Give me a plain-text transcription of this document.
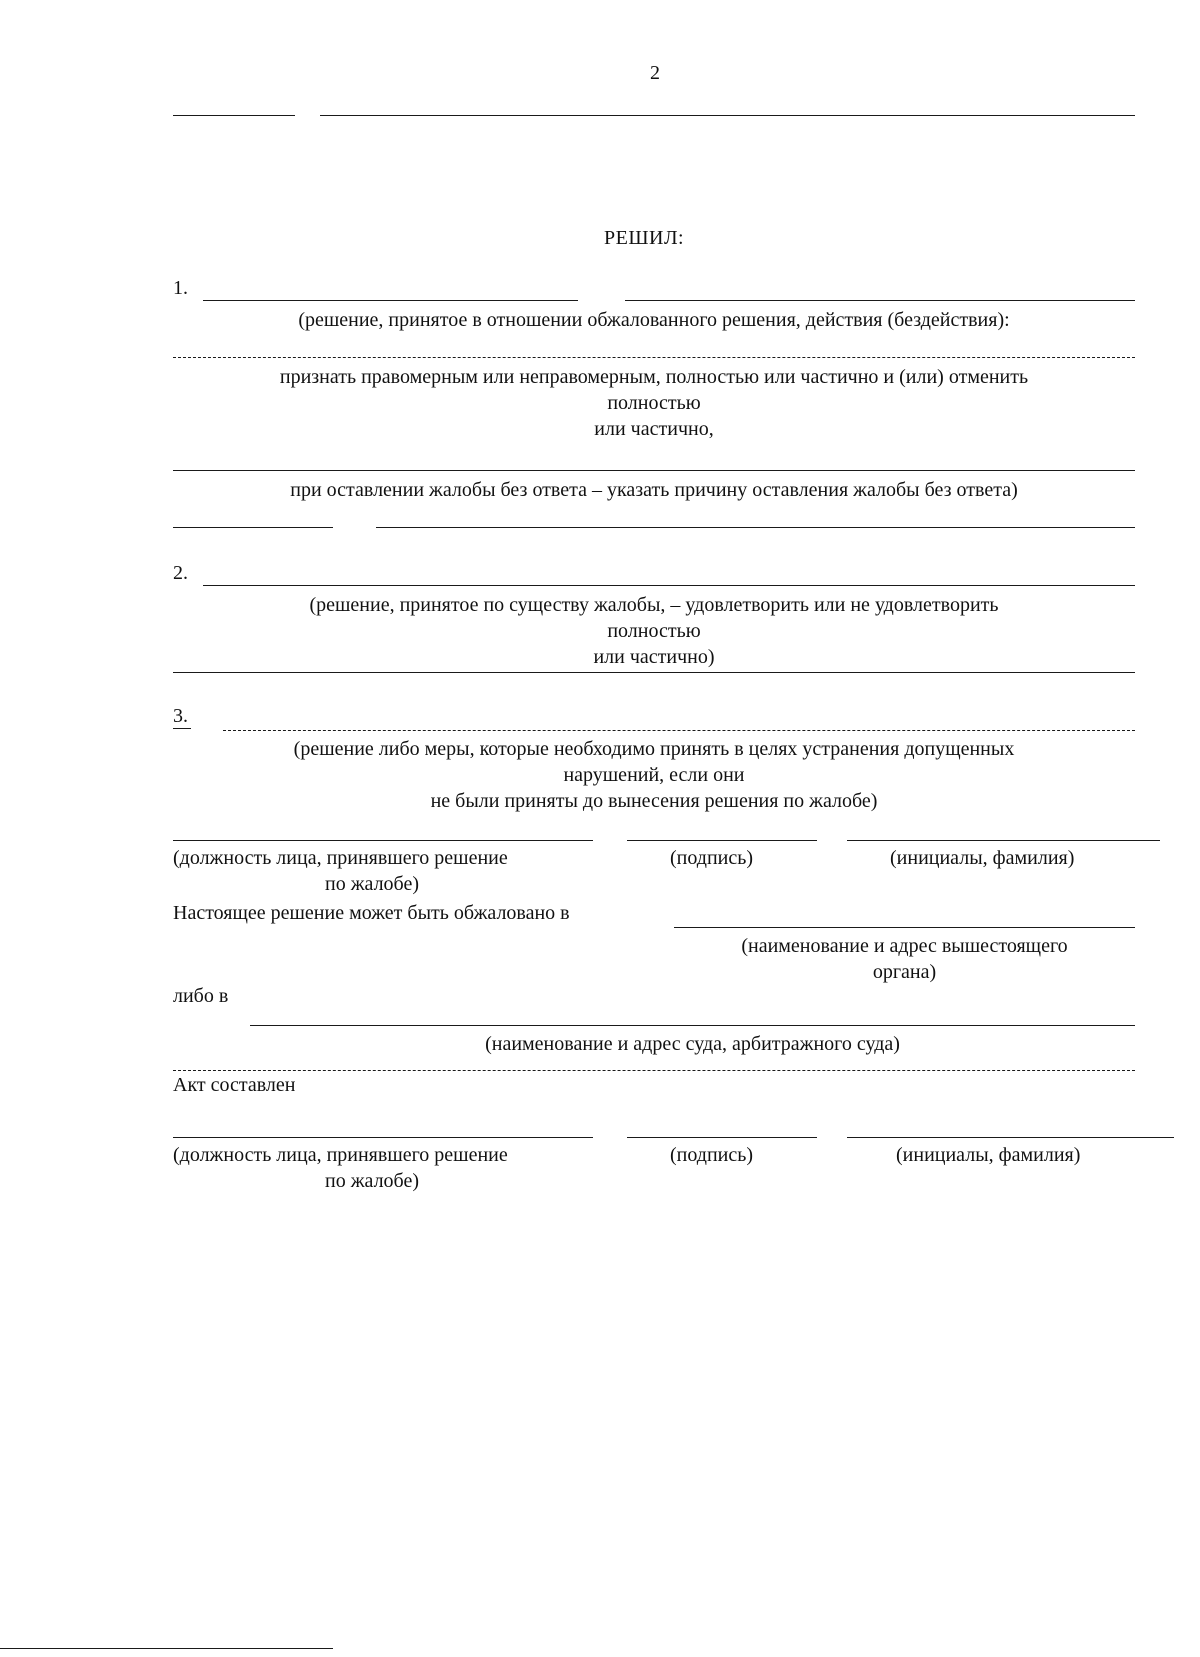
2
РЕШИЛ:
1.
(решение, принятое в отношении обжалованного решения, действия (бездействия):
признать правомерным или неправомерным, полностью или частично и (или) отменить
полностью
или частично,
при оставлении жалобы без ответа – указать причину оставления жалобы без ответа)
2.
(решение, принятое по существу жалобы, – удовлетворить или не удовлетворить
полностью
или частично)
3.
(решение либо меры, которые необходимо принять в целях устранения допущенных
нарушений, если они
не были приняты до вынесения решения по жалобе)
(должность лица, принявшего решение
по жалобе)
(подпись)	(инициалы, фамилия)
Настоящее решение может быть обжаловано в
(наименование и адрес вышестоящего
органа)
либо в
(наименование и адрес суда, арбитражного суда)
Акт составлен
(должность лица, принявшего решение
по жалобе)
(подпись)	(инициалы, фамилия)
